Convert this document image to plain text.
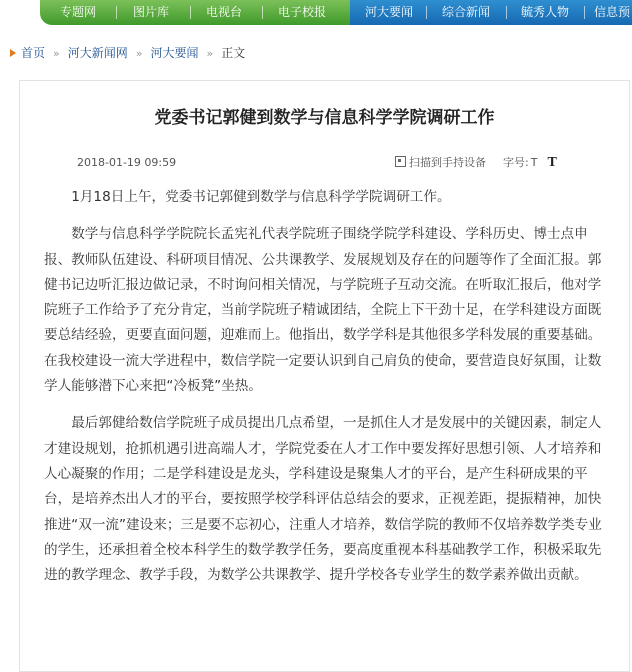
专题网	图片库	电视台	电子校报	河大要闻	综合新闻	毓秀人物	信息预
首页 » 河大新闻网 » 河大要闻 » 正文
党委书记郭健到数学与信息科学学院调研工作
2018-01-19 09:59	扫描到手持设备 字号: T T

1月18日上午，党委书记郭健到数学与信息科学学院调研工作。

数学与信息科学学院院长孟宪礼代表学院班子围绕学院学科建设、学科历史、博士点申报、教师队伍建设、科研项目情况、公共课教学、发展规划及存在的问题等作了全面汇报。郭健书记边听汇报边做记录，不时询问相关情况，与学院班子互动交流。在听取汇报后，他对学院班子工作给予了充分肯定，当前学院班子精诚团结，全院上下干劲十足，在学科建设方面既要总结经验，更要直面问题，迎难而上。他指出，数学学科是其他很多学科发展的重要基础。在我校建设一流大学进程中，数信学院一定要认识到自己肩负的使命，要营造良好氛围，让数学人能够潜下心来把“冷板凳”坐热。

最后郭健给数信学院班子成员提出几点希望，一是抓住人才是发展中的关键因素，制定人才建设规划，抢抓机遇引进高端人才，学院党委在人才工作中要发挥好思想引领、人才培养和人心凝聚的作用；二是学科建设是龙头，学科建设是聚集人才的平台，是产生科研成果的平台，是培养杰出人才的平台，要按照学校学科评估总结会的要求，正视差距，提振精神，加快推进“双一流”建设来；三是要不忘初心，注重人才培养，数信学院的教师不仅培养数学类专业的学生，还承担着全校本科学生的数学教学任务，要高度重视本科基础教学工作，积极采取先进的教学理念、教学手段，为数学公共课教学、提升学校各专业学生的数学素养做出贡献。
